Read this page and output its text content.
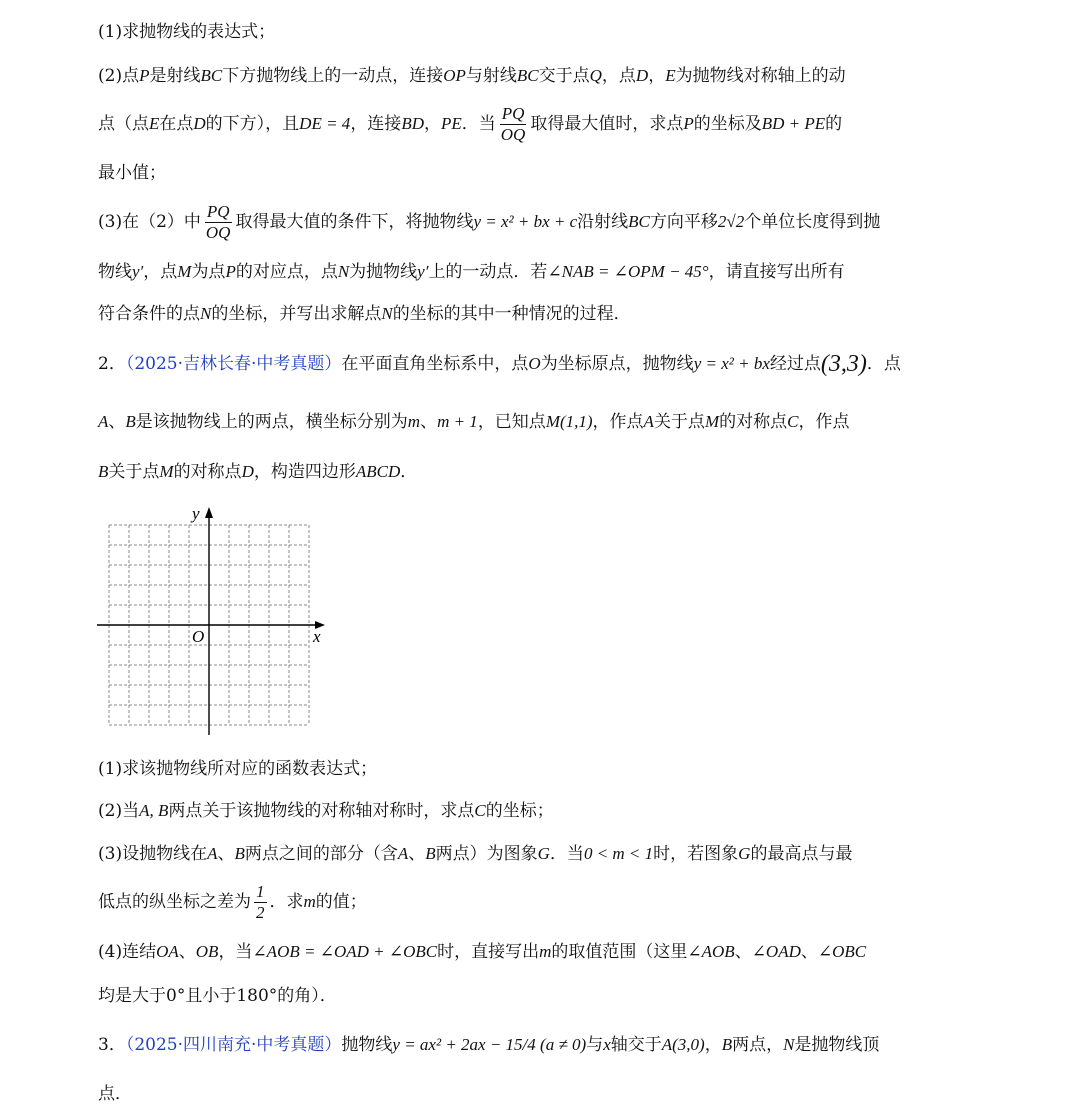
(1)求抛物线的表达式；
(2)点P是射线BC下方抛物线上的一动点，连接OP与射线BC交于点Q，点D，E为抛物线对称轴上的动
点（点E在点D的下方），且DE = 4，连接BD，PE．当 $\frac{PQ}{OQ}$ 取得最大值时，求点P的坐标及BD + PE的
最小值；
(3)在（2）中 $\frac{PQ}{OQ}$ 取得最大值的条件下，将抛物线y = x² + bx + c沿射线BC方向平移2√2个单位长度得到抛
物线y′，点M为点P的对应点，点N为抛物线y′上的一动点．若∠NAB = ∠OPM − 45°，请直接写出所有
符合条件的点N的坐标，并写出求解点N的坐标的其中一种情况的过程．
2．（2025·吉林长春·中考真题）在平面直角坐标系中，点O为坐标原点，抛物线y = x² + bx经过点(3,3)．点
A、B是该抛物线上的两点，横坐标分别为m、m + 1，已知点M(1,1)，作点A关于点M的对称点C，作点
B关于点M的对称点D，构造四边形ABCD．
y
x
O
(1)求该抛物线所对应的函数表达式；
(2)当A, B两点关于该抛物线的对称轴对称时，求点C的坐标；
(3)设抛物线在A、B两点之间的部分（含A、B两点）为图象G．当0 < m < 1时，若图象G的最高点与最
低点的纵坐标之差为 $\frac{1}{2}$ ．求m的值；
(4)连结OA、OB，当∠AOB = ∠OAD + ∠OBC时，直接写出m的取值范围（这里∠AOB、∠OAD、∠OBC
均是大于0°且小于180°的角）．
3．（2025·四川南充·中考真题）抛物线y = ax² + 2ax − 15/4 (a ≠ 0)与x轴交于A(3,0)，B两点，N是抛物线顶
点．
